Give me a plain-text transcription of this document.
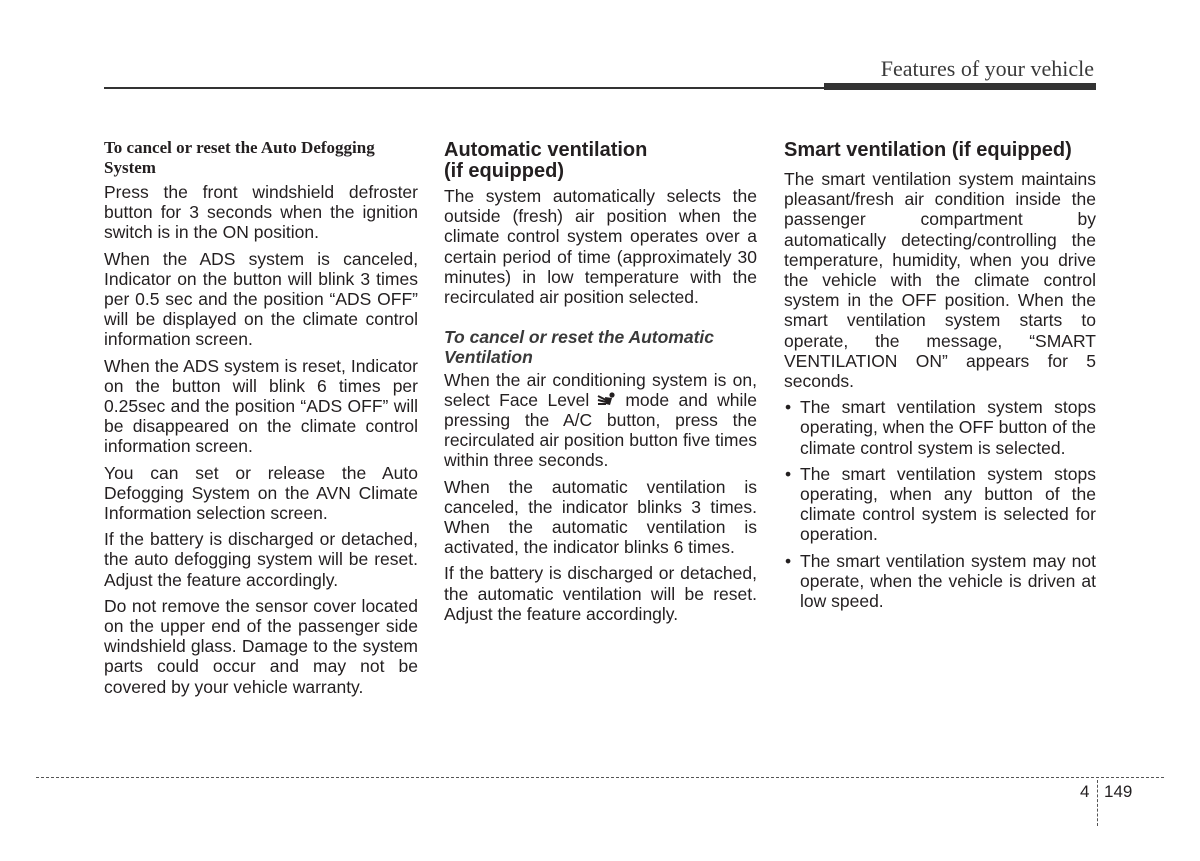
Features of your vehicle
To cancel or reset the Auto Defogging System

Press the front windshield defroster button for 3 seconds when the ignition switch is in the ON position.

When the ADS system is canceled, Indicator on the button will blink 3 times per 0.5 sec and the position “ADS OFF” will be displayed on the climate control information screen.

When the ADS system is reset, Indicator on the button will blink 6 times per 0.25sec and the position “ADS OFF” will be disappeared on the climate control information screen.

You can set or release the Auto Defogging System on the AVN Climate Information selection screen.

If the battery is discharged or detached, the auto defogging system will be reset. Adjust the feature accordingly.

Do not remove the sensor cover located on the upper end of the passenger side windshield glass. Damage to the system parts could occur and may not be covered by your vehicle warranty.

Automatic ventilation
(if equipped)

The system automatically selects the outside (fresh) air position when the climate control system operates over a certain period of time (approximately 30 minutes) in low temperature with the recirculated air position selected.

To cancel or reset the Automatic Ventilation

When the air conditioning system is on, select Face Level mode and while pressing the A/C button, press the recirculated air position button five times within three seconds.

When the automatic ventilation is canceled, the indicator blinks 3 times. When the automatic ventilation is activated, the indicator blinks 6 times.

If the battery is discharged or detached, the automatic ventilation will be reset. Adjust the feature accordingly.

Smart ventilation (if equipped)

The smart ventilation system maintains pleasant/fresh air condition inside the passenger compartment by automatically detecting/controlling the temperature, humidity, when you drive the vehicle with the climate control system in the OFF position. When the smart ventilation system starts to operate, the message, “SMART VENTILATION ON” appears for 5 seconds.

• The smart ventilation system stops operating, when the OFF button of the climate control system is selected.
• The smart ventilation system stops operating, when any button of the climate control system is selected for operation.
• The smart ventilation system may not operate, when the vehicle is driven at low speed.
4 149
